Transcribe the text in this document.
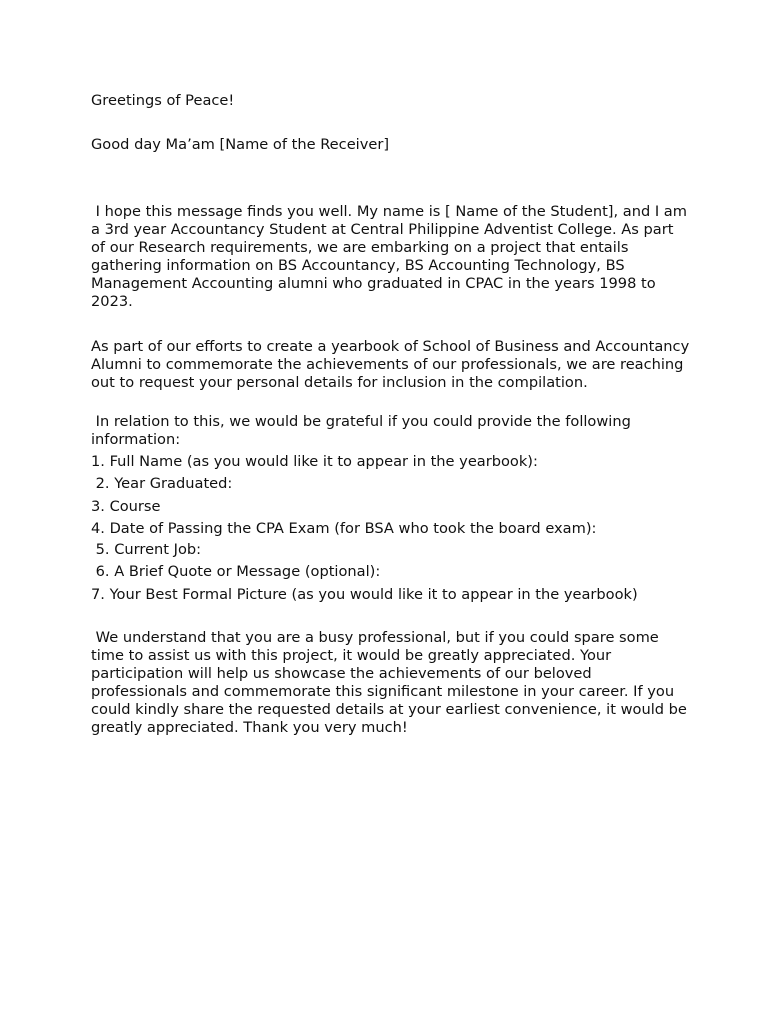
Greetings of Peace!

Good day Ma’am [Name of the Receiver]

I hope this message finds you well. My name is [ Name of the Student], and I am a 3rd year Accountancy Student at Central Philippine Adventist College. As part of our Research requirements, we are embarking on a project that entails gathering information on BS Accountancy, BS Accounting Technology, BS Management Accounting alumni who graduated in CPAC in the years 1998 to 2023.

As part of our efforts to create a yearbook of School of Business and Accountancy Alumni to commemorate the achievements of our professionals, we are reaching out to request your personal details for inclusion in the compilation.

In relation to this, we would be grateful if you could provide the following information:

1. Full Name (as you would like it to appear in the yearbook):

2. Year Graduated:

3. Course

4. Date of Passing the CPA Exam (for BSA who took the board exam):

5. Current Job:

6. A Brief Quote or Message (optional):

7. Your Best Formal Picture (as you would like it to appear in the yearbook)

We understand that you are a busy professional, but if you could spare some time to assist us with this project, it would be greatly appreciated. Your participation will help us showcase the achievements of our beloved professionals and commemorate this significant milestone in your career. If you could kindly share the requested details at your earliest convenience, it would be greatly appreciated. Thank you very much!
